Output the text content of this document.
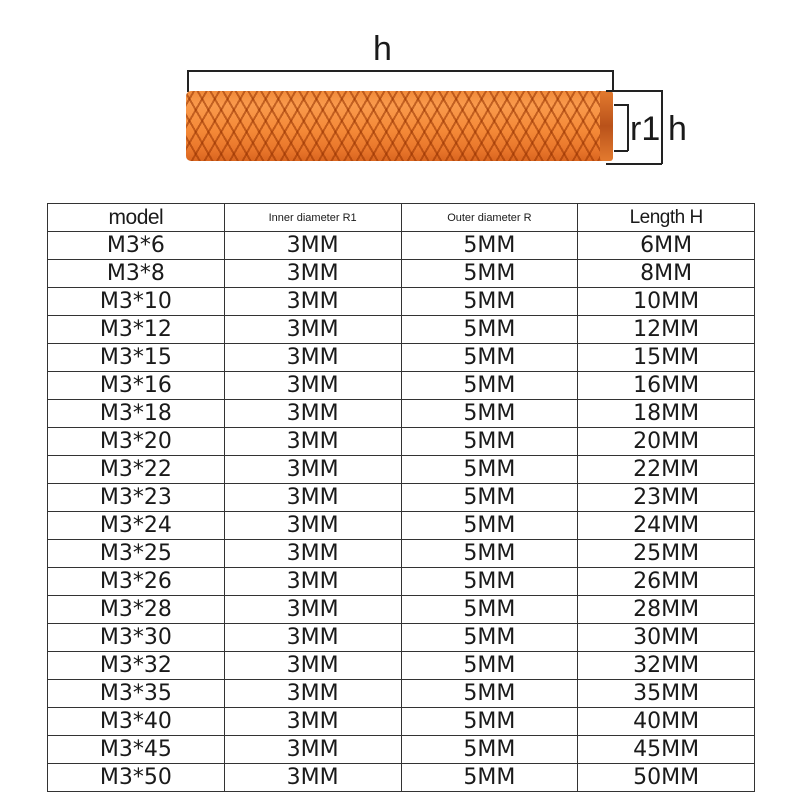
h
r1 h
model	Inner diameter R1	Outer diameter R	Length H
M3*6	3MM	5MM	6MM
M3*8	3MM	5MM	8MM
M3*10	3MM	5MM	10MM
M3*12	3MM	5MM	12MM
M3*15	3MM	5MM	15MM
M3*16	3MM	5MM	16MM
M3*18	3MM	5MM	18MM
M3*20	3MM	5MM	20MM
M3*22	3MM	5MM	22MM
M3*23	3MM	5MM	23MM
M3*24	3MM	5MM	24MM
M3*25	3MM	5MM	25MM
M3*26	3MM	5MM	26MM
M3*28	3MM	5MM	28MM
M3*30	3MM	5MM	30MM
M3*32	3MM	5MM	32MM
M3*35	3MM	5MM	35MM
M3*40	3MM	5MM	40MM
M3*45	3MM	5MM	45MM
M3*50	3MM	5MM	50MM
